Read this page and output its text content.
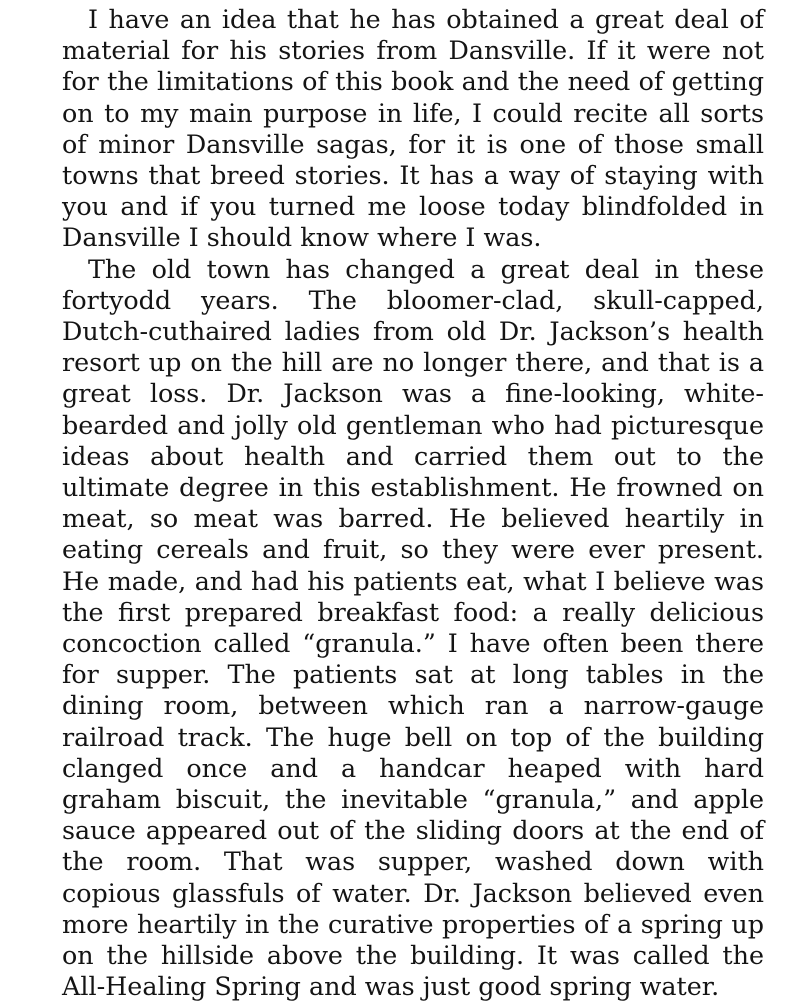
I have an idea that he has obtained a great deal of material for his stories from Dansville. If it were not for the limitations of this book and the need of getting on to my main purpose in life, I could recite all sorts of minor Dansville sagas, for it is one of those small towns that breed stories. It has a way of staying with you and if you turned me loose today blindfolded in Dansville I should know where I was.

The old town has changed a great deal in these fortyodd years. The bloomer-clad, skull-capped, Dutch-cuthaired ladies from old Dr. Jackson’s health resort up on the hill are no longer there, and that is a great loss. Dr. Jackson was a fine-looking, white-bearded and jolly old gentleman who had picturesque ideas about health and carried them out to the ultimate degree in this establishment. He frowned on meat, so meat was barred. He believed heartily in eating cereals and fruit, so they were ever present. He made, and had his patients eat, what I believe was the first prepared breakfast food: a really delicious concoction called “granula.” I have often been there for supper. The patients sat at long tables in the dining room, between which ran a narrow-gauge railroad track. The huge bell on top of the building clanged once and a handcar heaped with hard graham biscuit, the inevitable “granula,” and apple sauce appeared out of the sliding doors at the end of the room. That was supper, washed down with copious glassfuls of water. Dr. Jackson believed even more heartily in the curative properties of a spring up on the hillside above the building. It was called the All-Healing Spring and was just good spring water.
